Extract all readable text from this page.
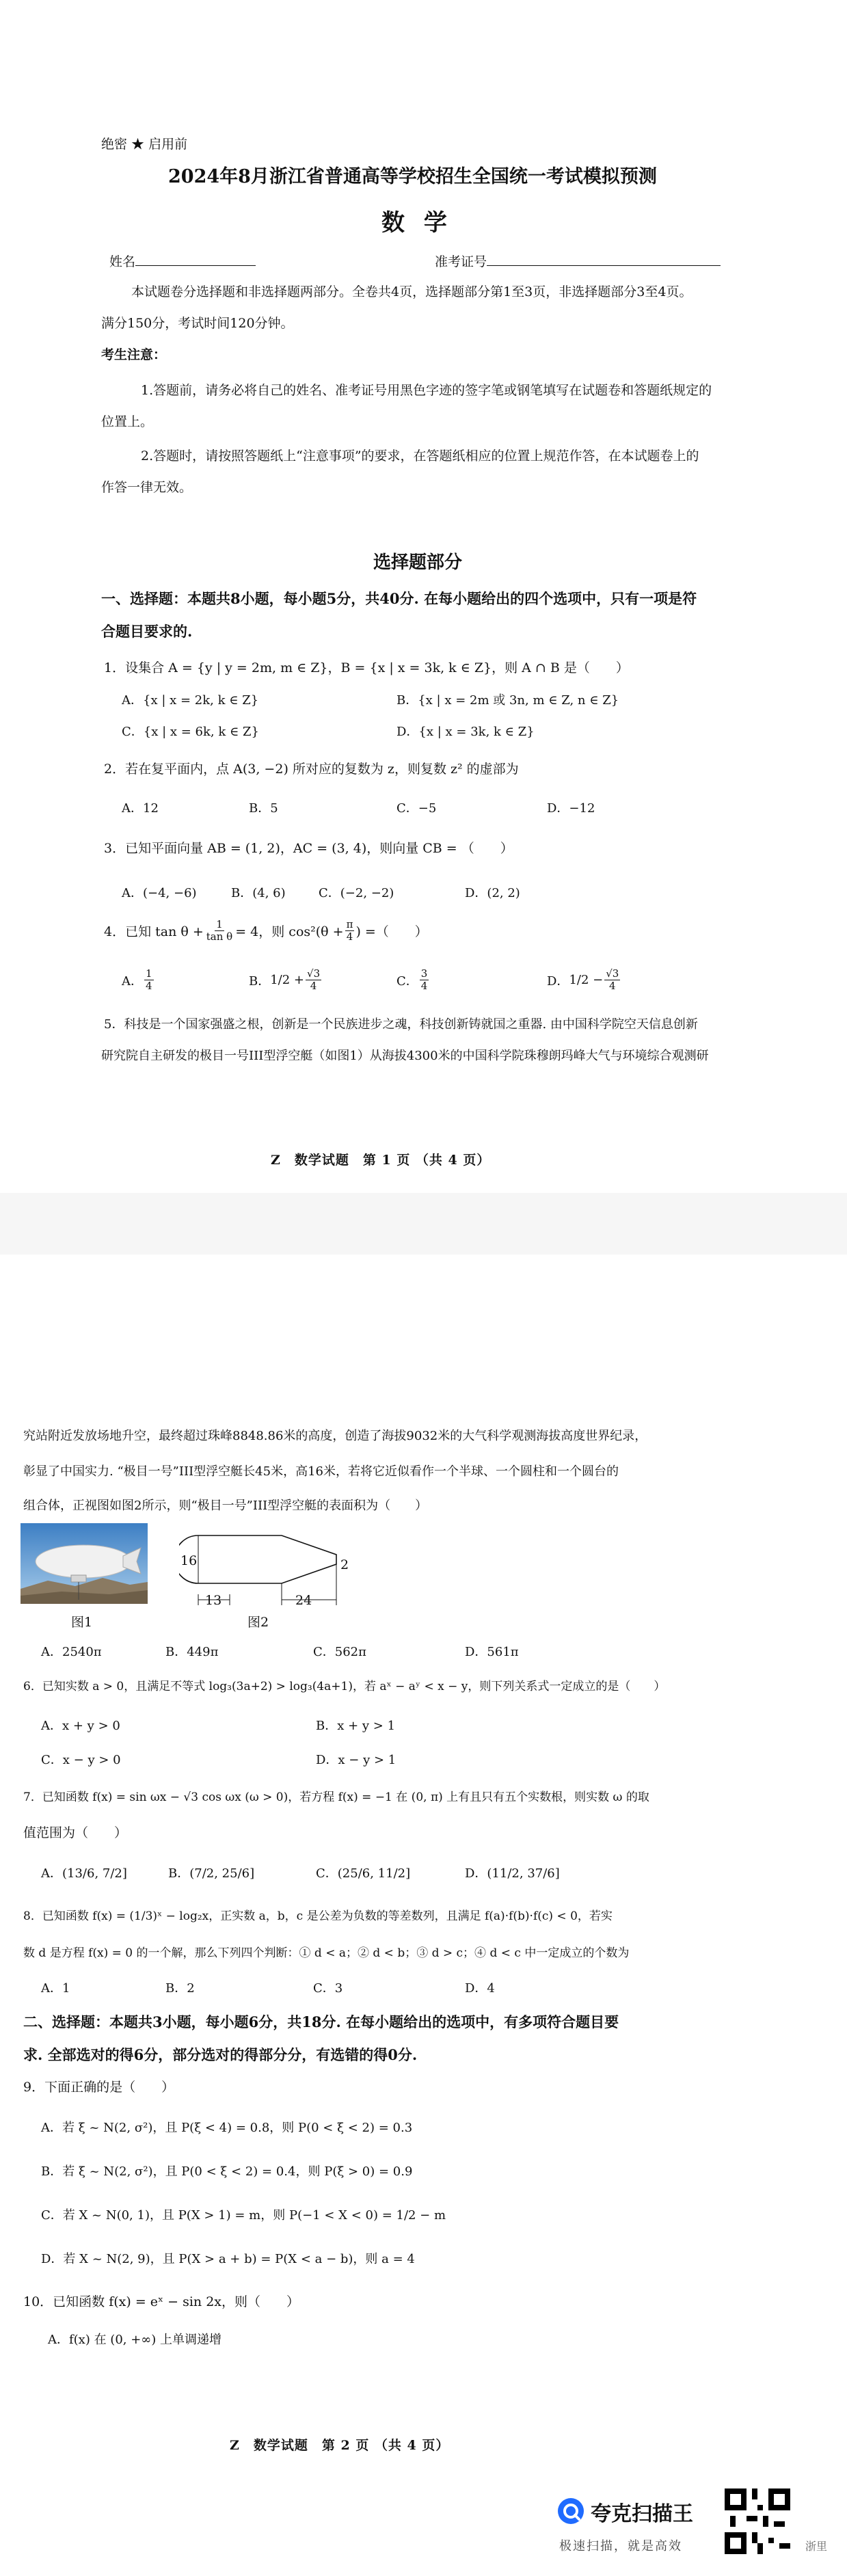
绝密 ★ 启用前
2024年8月浙江省普通高等学校招生全国统一考试模拟预测
数 学
姓名	准考证号
本试题卷分选择题和非选择题两部分。全卷共4页，选择题部分第1至3页，非选择题部分3至4页。
满分150分，考试时间120分钟。
考生注意：
1.答题前，请务必将自己的姓名、准考证号用黑色字迹的签字笔或钢笔填写在试题卷和答题纸规定的
位置上。
2.答题时，请按照答题纸上“注意事项”的要求，在答题纸相应的位置上规范作答，在本试题卷上的
作答一律无效。
选择题部分
一、选择题：本题共8小题，每小题5分，共40分. 在每小题给出的四个选项中，只有一项是符
合题目要求的.
1．设集合 A = {y | y = 2m, m ∈ Z}，B = {x | x = 3k, k ∈ Z}，则 A ∩ B 是（　　）
A．{x | x = 2k, k ∈ Z}	B．{x | x = 2m 或 3n, m ∈ Z, n ∈ Z}
C．{x | x = 6k, k ∈ Z}	D．{x | x = 3k, k ∈ Z}
2．若在复平面内，点 A(3, −2) 所对应的复数为 z，则复数 z² 的虚部为
A．12	B．5	C．−5	D．−12
3．已知平面向量 AB = (1, 2)，AC = (3, 4)，则向量 CB = （　　）
A．(−4, −6)	B．(4, 6)	C．(−2, −2)	D．(2, 2)
4．已知 $\tan \theta + \frac{1}{\text{tan θ}} = 4$，则 $\cos^2(\theta + \frac{\pi}{4}$ ) =（　　）
A． $\frac{1}{4}$	B． $1/2 + \frac{√3}{4}$	C． $\frac{3}{4}$	D． $1/2 - \frac{√3}{4}$
5．科技是一个国家强盛之根，创新是一个民族进步之魂，科技创新铸就国之重器. 由中国科学院空天信息创新
研究院自主研发的极目一号III型浮空艇（如图1）从海拔4300米的中国科学院珠穆朗玛峰大气与环境综合观测研
Z　数学试题　第 1 页 （共 4 页）
究站附近发放场地升空，最终超过珠峰8848.86米的高度，创造了海拔9032米的大气科学观测海拔高度世界纪录，
彰显了中国实力. “极目一号”III型浮空艇长45米，高16米，若将它近似看作一个半球、一个圆柱和一个圆台的
组合体，正视图如图2所示，则“极目一号”III型浮空艇的表面积为（　　）
16	2
13	24
图1	图2
A．2540π	B．449π	C．562π	D．561π
6．已知实数 a > 0，且满足不等式 log₃(3a+2) > log₃(4a+1)，若 aˣ − aʸ < x − y，则下列关系式一定成立的是（　　）
A．x + y > 0	B．x + y > 1
C．x − y > 0	D．x − y > 1
7．已知函数 f(x) = sin ωx − √3 cos ωx (ω > 0)，若方程 f(x) = −1 在 (0, π) 上有且只有五个实数根，则实数 ω 的取
值范围为（　　）
A．(13/6, 7/2]	B．(7/2, 25/6]	C．(25/6, 11/2]	D．(11/2, 37/6]
8．已知函数 f(x) = (1/3)ˣ − log₂x，正实数 a，b，c 是公差为负数的等差数列，且满足 f(a)·f(b)·f(c) < 0，若实
数 d 是方程 f(x) = 0 的一个解，那么下列四个判断：① d < a；② d < b；③ d > c；④ d < c 中一定成立的个数为
A．1	B．2	C．3	D．4
二、选择题：本题共3小题，每小题6分，共18分. 在每小题给出的选项中，有多项符合题目要
求. 全部选对的得6分，部分选对的得部分分，有选错的得0分.
9．下面正确的是（　　）
A．若 ξ ~ N(2, σ²)，且 P(ξ < 4) = 0.8，则 P(0 < ξ < 2) = 0.3
B．若 ξ ~ N(2, σ²)，且 P(0 < ξ < 2) = 0.4，则 P(ξ > 0) = 0.9
C．若 X ~ N(0, 1)，且 P(X > 1) = m，则 P(−1 < X < 0) = 1/2 − m
D．若 X ~ N(2, 9)，且 P(X > a + b) = P(X < a − b)，则 a = 4
10．已知函数 f(x) = eˣ − sin 2x，则（　　）
A．f(x) 在 (0, +∞) 上单调递增
Z　数学试题　第 2 页 （共 4 页）
夸克扫描王
极速扫描，就是高效	浙里
